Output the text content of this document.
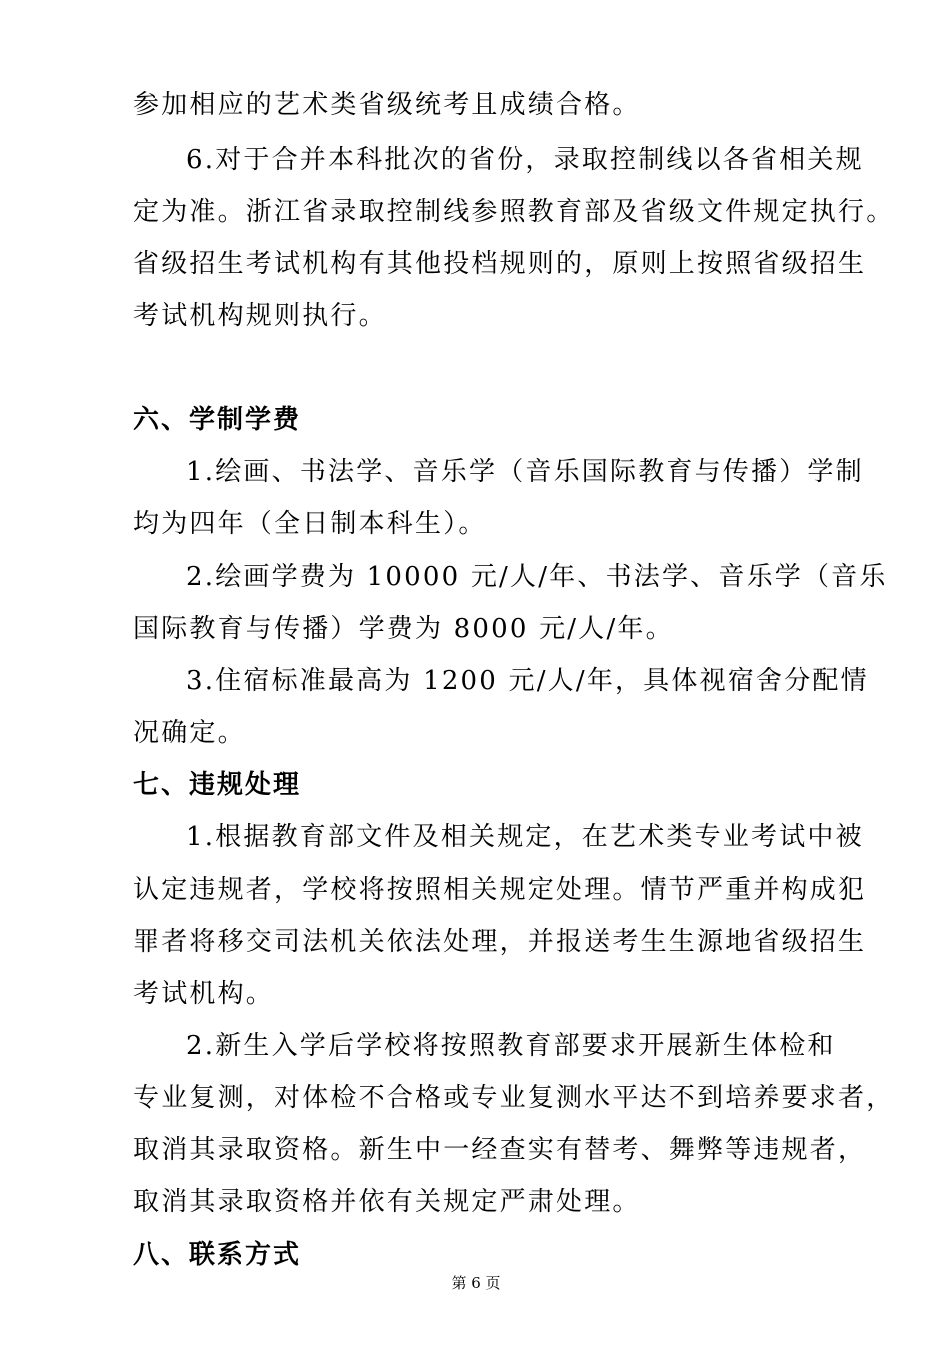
参加相应的艺术类省级统考且成绩合格。
6.对于合并本科批次的省份，录取控制线以各省相关规
定为准。浙江省录取控制线参照教育部及省级文件规定执行。
省级招生考试机构有其他投档规则的，原则上按照省级招生
考试机构规则执行。
六、学制学费
1.绘画、书法学、音乐学（音乐国际教育与传播）学制
均为四年（全日制本科生）。
2.绘画学费为 10000 元/人/年、书法学、音乐学（音乐
国际教育与传播）学费为 8000 元/人/年。
3.住宿标准最高为 1200 元/人/年，具体视宿舍分配情
况确定。
七、违规处理
1.根据教育部文件及相关规定，在艺术类专业考试中被
认定违规者，学校将按照相关规定处理。情节严重并构成犯
罪者将移交司法机关依法处理，并报送考生生源地省级招生
考试机构。
2.新生入学后学校将按照教育部要求开展新生体检和
专业复测，对体检不合格或专业复测水平达不到培养要求者，
取消其录取资格。新生中一经查实有替考、舞弊等违规者，
取消其录取资格并依有关规定严肃处理。
八、联系方式
第 6 页
